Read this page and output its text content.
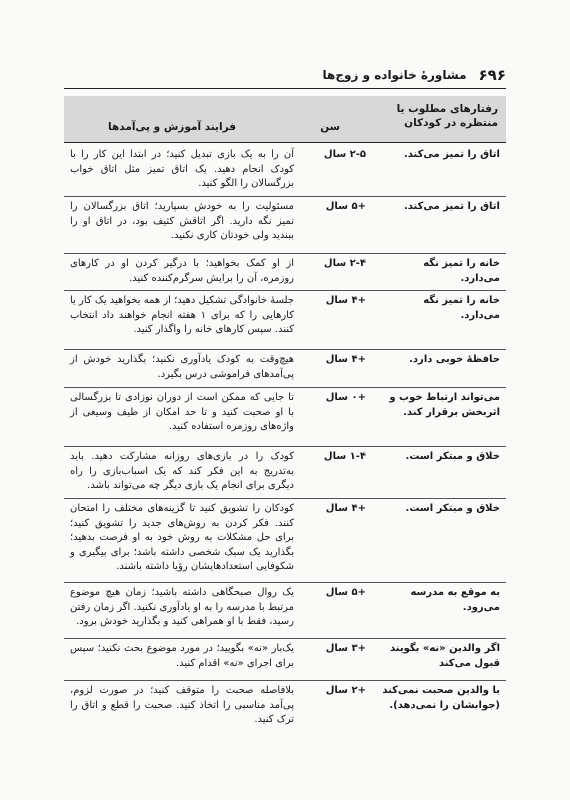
۶۹۶
مشاورهٔ خانواده و زوج‌ها
رفتارهای مطلوب یا منتظره در کودکان
سن
فرایند آموزش و پی‌آمدها
اتاق را تمیز می‌کند.
۲-۵ سال
آن را به یک بازی تبدیل کنید؛ در ابتدا این کار را با کودک انجام دهید. یک اتاق تمیز مثل اتاق خواب بزرگسالان را الگو کنید.
اتاق را تمیز می‌کند.
+۵ سال
مسئولیت را به خودش بسپارید؛ اتاق بزرگسالان را تمیز نگه دارید. اگر اتاقش کثیف بود، در اتاق او را ببندید ولی خودتان کاری نکنید.
خانه را تمیز نگه می‌دارد.
۲-۴ سال
از او کمک بخواهید؛ با درگیر کردن او در کارهای روزمره، آن را برایش سرگرم‌کننده کنید.
خانه را تمیز نگه می‌دارد.
+۴ سال
جلسهٔ خانوادگی تشکیل دهید؛ از همه بخواهید یک کار یا کارهایی را که برای ۱ هفته انجام خواهند داد انتخاب کنند. سپس کارهای خانه را واگذار کنید.
حافظهٔ خوبی دارد.
+۴ سال
هیچ‌وقت به کودک یادآوری نکنید؛ بگذارید خودش از پی‌آمدهای فراموشی درس بگیرد.
می‌تواند ارتباط خوب و اثربخش برقرار کند.
+۰ سال
تا جایی که ممکن است از دوران نوزادی تا بزرگسالی با او صحبت کنید و تا حد امکان از طیف وسیعی از واژه‌های روزمره استفاده کنید.
خلاق و مبتکر است.
۱-۴ سال
کودک را در بازی‌های روزانه مشارکت دهید. باید به‌تدریج به این فکر کند که یک اسباب‌بازی را راه دیگری برای انجام یک بازی دیگر چه می‌تواند باشد.
خلاق و مبتکر است.
+۴ سال
کودکان را تشویق کنید تا گزینه‌های مختلف را امتحان کنند. فکر کردن به روش‌های جدید را تشویق کنید؛ برای حل مشکلات به روش خود به او فرصت بدهید؛ بگذارید یک سبک شخصی داشته باشد؛ برای بیگیری و شکوفایی استعدادهایشان رؤیا داشته باشند.
به موقع به مدرسه می‌رود.
+۵ سال
یک روال صبحگاهی داشته باشید؛ زمان هیچ موضوع مرتبط با مدرسه را به او یادآوری نکنید. اگر زمان رفتن رسید، فقط با او همراهی کنید و بگذارید خودش برود.
اگر والدین «نه» بگویند قبول می‌کند
+۳ سال
یک‌بار «نه» بگویید؛ در مورد موضوع بحث نکنید؛ سپس برای اجرای «نه» اقدام کنید.
با والدین صحبت نمی‌کند (جوابشان را نمی‌دهد).
+۲ سال
بلافاصله صحبت را متوقف کنید؛ در صورت لزوم، پی‌آمد مناسبی را اتخاذ کنید. صحبت را قطع و اتاق را ترک کنید.
